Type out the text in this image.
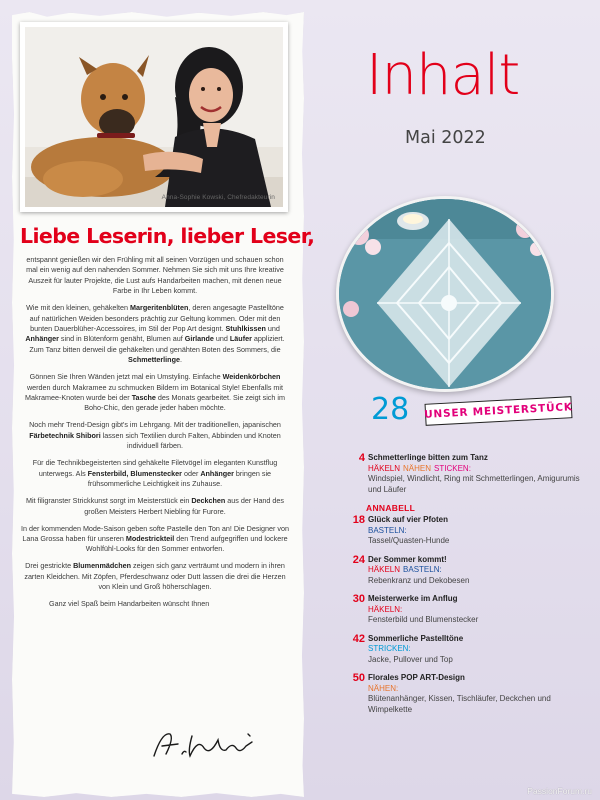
Anna-Sophie Kowski, Chefredakteurin
Liebe Leserin, lieber Leser,

entspannt genießen wir den Frühling mit all seinen Vorzügen und schauen schon mal ein wenig auf den nahenden Sommer. Nehmen Sie sich mit uns Ihre kreative Auszeit für lauter Projekte, die Lust aufs Handarbeiten machen, mit denen neue Farbe in Ihr Leben kommt.

Wie mit den kleinen, gehäkelten Margeritenblüten, deren angesagte Pastelltöne auf natürlichen Weiden besonders prächtig zur Geltung kommen. Oder mit den bunten Dauerblüher-Accessoires, im Stil der Pop Art designt. Stuhlkissen und Anhänger sind in Blütenform genäht, Blumen auf Girlande und Läufer appliziert. Zum Tanz bitten derweil die gehäkelten und genähten Boten des Sommers, die Schmetterlinge.

Gönnen Sie Ihren Wänden jetzt mal ein Umstyling. Einfache Weidenkörbchen werden durch Makramee zu schmucken Bildern im Botanical Style! Ebenfalls mit Makramee-Knoten wurde bei der Tasche des Monats gearbeitet. Sie zeigt sich im Boho-Chic, den gerade jeder haben möchte.

Noch mehr Trend-Design gibt's im Lehrgang. Mit der traditionellen, japanischen Färbetechnik Shibori lassen sich Textilien durch Falten, Abbinden und Knoten individuell färben.

Für die Technikbegeisterten sind gehäkelte Filetvögel im eleganten Kunstflug unterwegs. Als Fensterbild, Blumenstecker oder Anhänger bringen sie frühsommerliche Leichtigkeit ins Zuhause.

Mit filigranster Strickkunst sorgt im Meisterstück ein Deckchen aus der Hand des großen Meisters Herbert Niebling für Furore.

In der kommenden Mode-Saison geben softe Pastelle den Ton an! Die Designer von Lana Grossa haben für unseren Modestrickteil den Trend aufgegriffen und lockere Wohlfühl-Looks für den Sommer entworfen.

Drei gestrickte Blumenmädchen zeigen sich ganz verträumt und modern in ihren zarten Kleidchen. Mit Zöpfen, Pferdeschwanz oder Dutt lassen die drei die Herzen von Klein und Groß höherschlagen.

Ganz viel Spaß beim Handarbeiten wünscht Ihnen

Inhalt
Mai 2022
28 UNSER MEISTERSTÜCK
4 Schmetterlinge bitten zum Tanz
HÄKELN NÄHEN STICKEN:
Windspiel, Windlicht, Ring mit Schmetterlingen, Amigurumis und Läufer
ANNABELL
18 Glück auf vier Pfoten
BASTELN:
Tassel/Quasten-Hunde
24 Der Sommer kommt!
HÄKELN BASTELN:
Rebenkranz und Dekobesen
30 Meisterwerke im Anflug
HÄKELN:
Fensterbild und Blumenstecker
42 Sommerliche Pastelltöne
STRICKEN:
Jacke, Pullover und Top
50 Florales POP ART-Design
NÄHEN:
Blütenanhänger, Kissen, Tischläufer, Deckchen und Wimpelkette
PassionForum.ru
